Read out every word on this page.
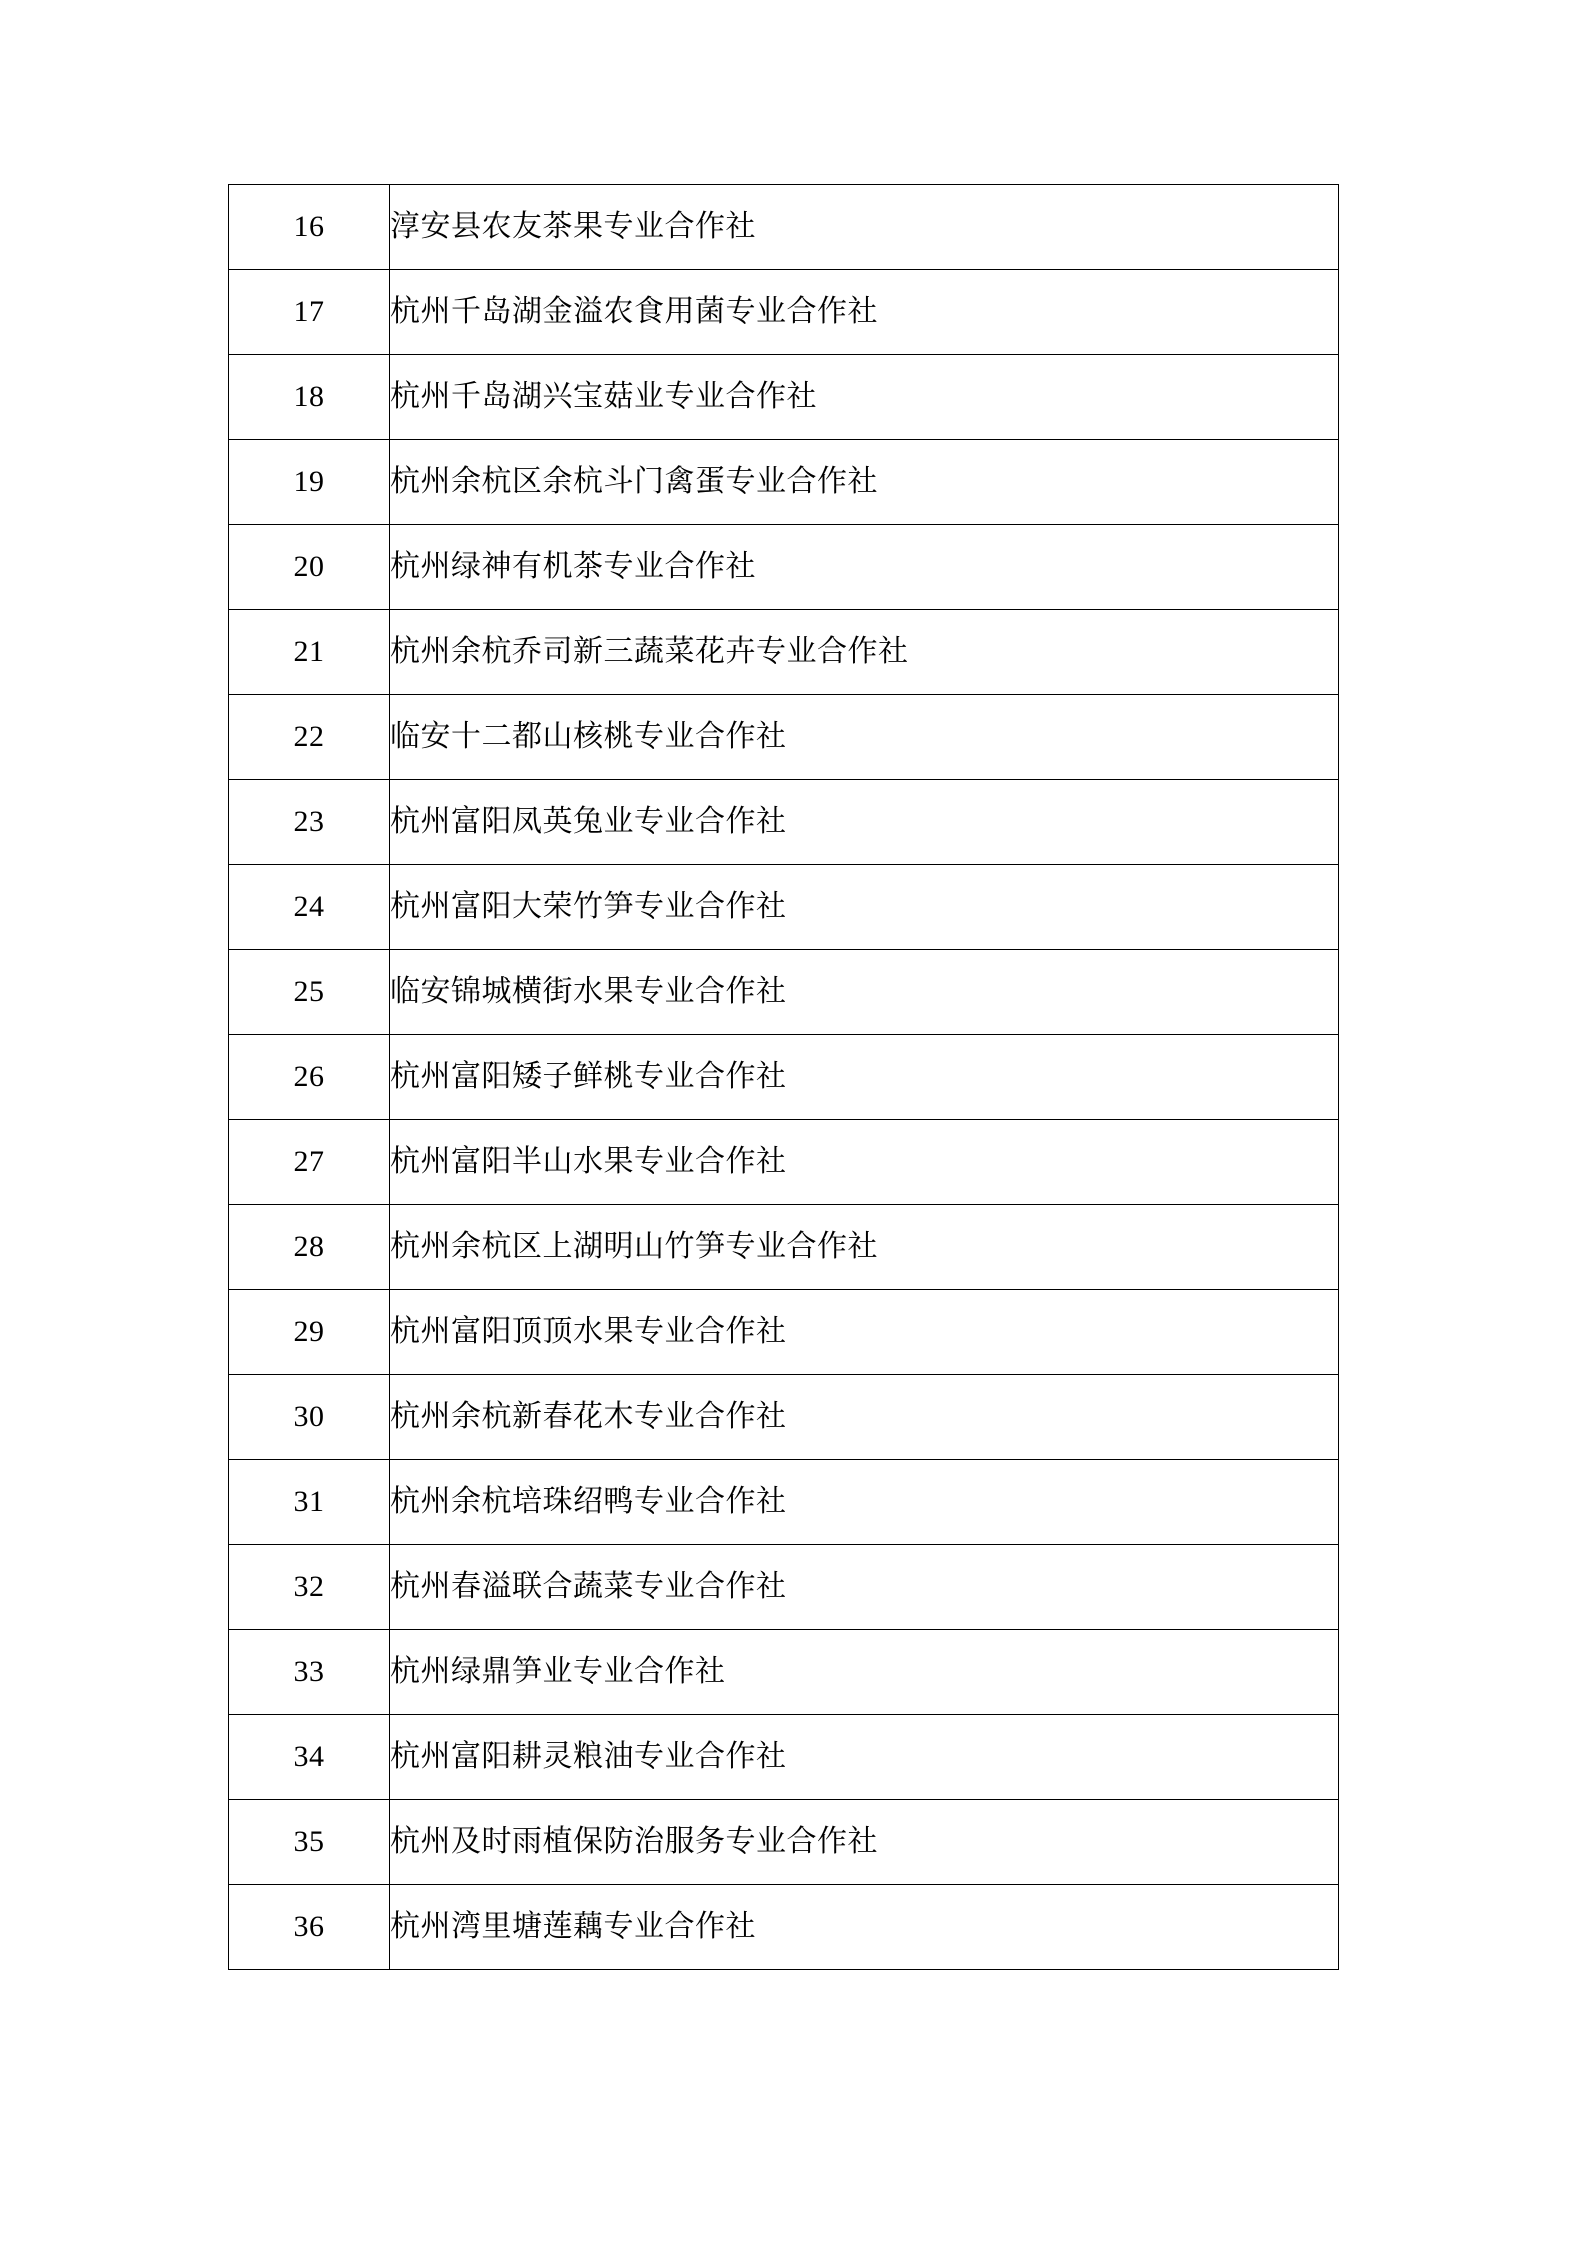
16	淳安县农友茶果专业合作社

17	杭州千岛湖金溢农食用菌专业合作社

18	杭州千岛湖兴宝菇业专业合作社

19	杭州余杭区余杭斗门禽蛋专业合作社

20	杭州绿神有机茶专业合作社

21	杭州余杭乔司新三蔬菜花卉专业合作社

22	临安十二都山核桃专业合作社

23	杭州富阳凤英兔业专业合作社

24	杭州富阳大荣竹笋专业合作社

25	临安锦城横街水果专业合作社

26	杭州富阳矮子鲜桃专业合作社

27	杭州富阳半山水果专业合作社

28	杭州余杭区上湖明山竹笋专业合作社

29	杭州富阳顶顶水果专业合作社

30	杭州余杭新春花木专业合作社

31	杭州余杭培珠绍鸭专业合作社

32	杭州春溢联合蔬菜专业合作社

33	杭州绿鼎笋业专业合作社

34	杭州富阳耕灵粮油专业合作社

35	杭州及时雨植保防治服务专业合作社

36	杭州湾里塘莲藕专业合作社
